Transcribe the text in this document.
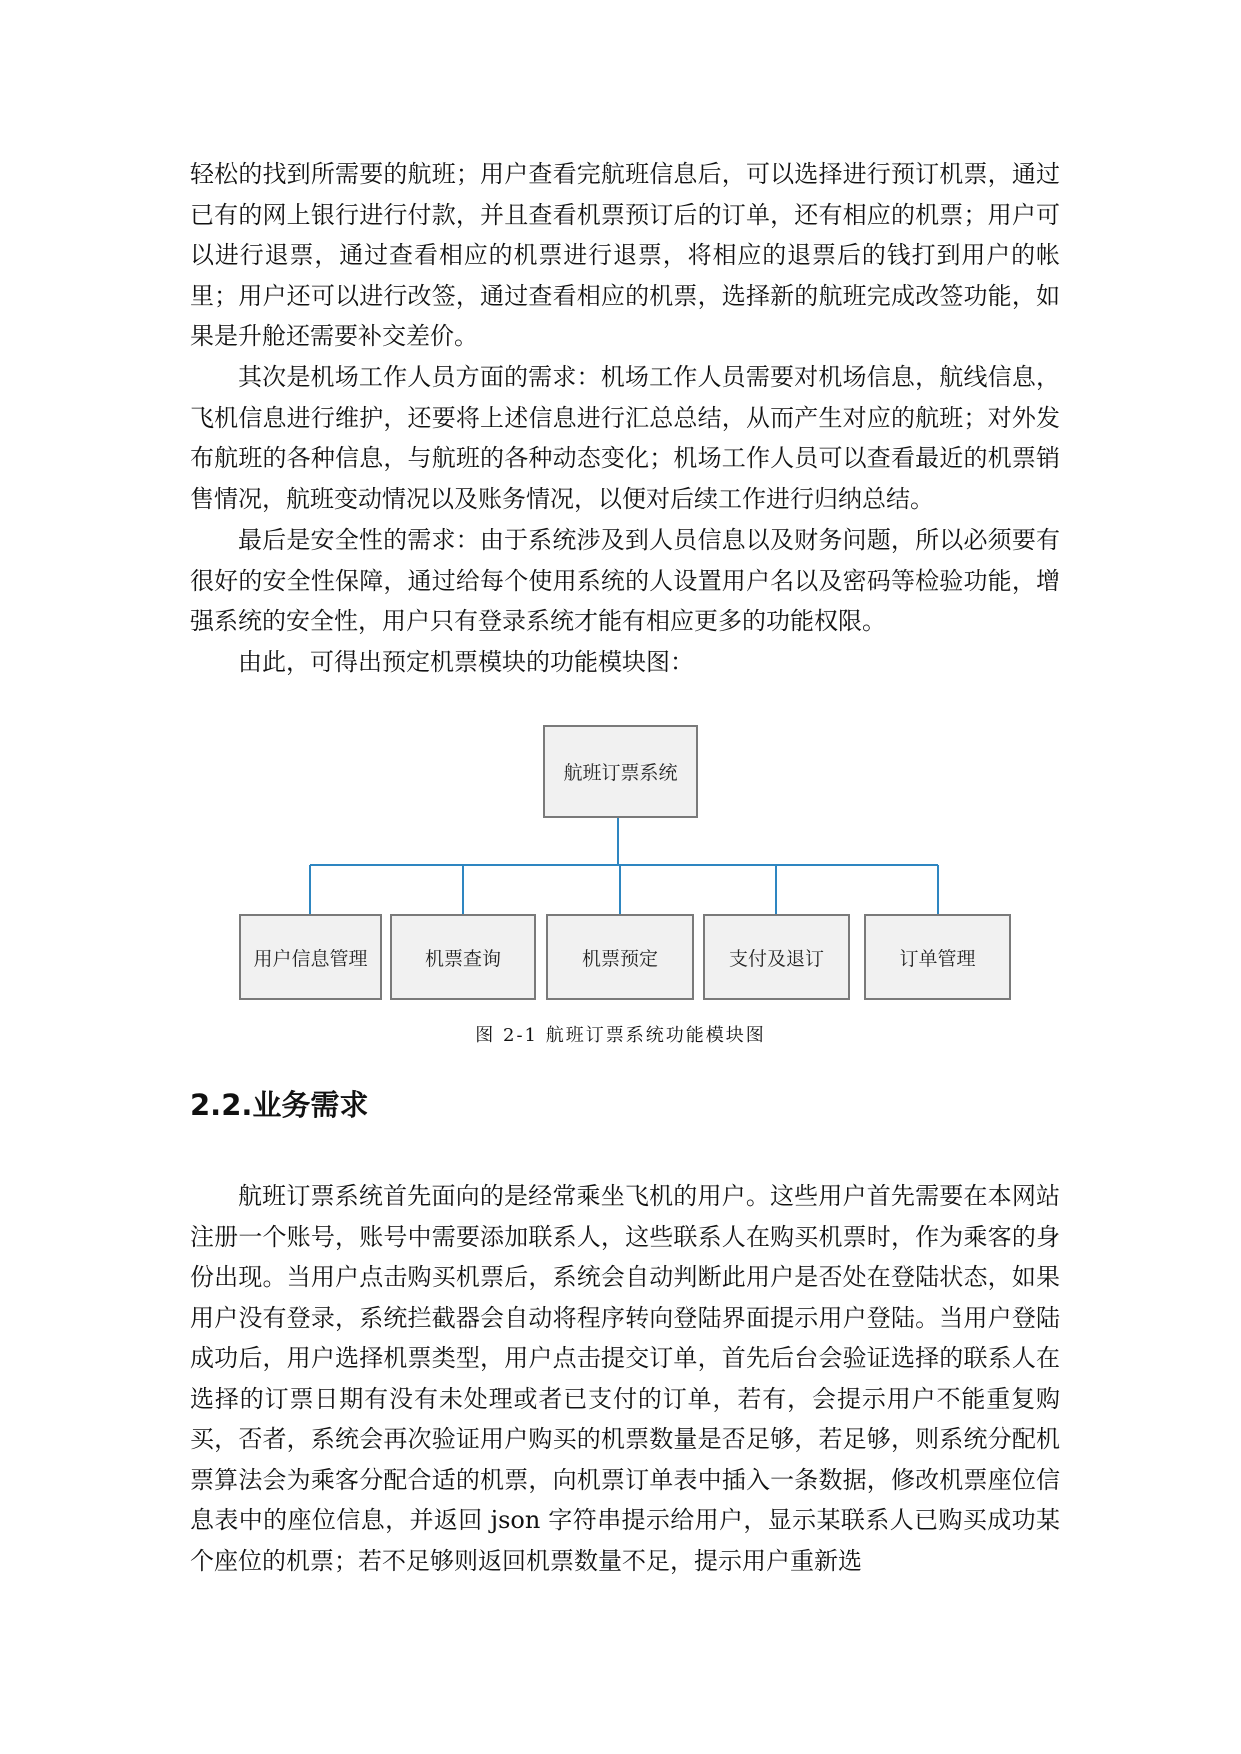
轻松的找到所需要的航班；用户查看完航班信息后，可以选择进行预订机票，通过已有的网上银行进行付款，并且查看机票预订后的订单，还有相应的机票；用户可以进行退票，通过查看相应的机票进行退票，将相应的退票后的钱打到用户的帐里；用户还可以进行改签，通过查看相应的机票，选择新的航班完成改签功能，如果是升舱还需要补交差价。

其次是机场工作人员方面的需求：机场工作人员需要对机场信息，航线信息，飞机信息进行维护，还要将上述信息进行汇总总结，从而产生对应的航班；对外发布航班的各种信息，与航班的各种动态变化；机场工作人员可以查看最近的机票销售情况，航班变动情况以及账务情况，以便对后续工作进行归纳总结。

最后是安全性的需求：由于系统涉及到人员信息以及财务问题，所以必须要有很好的安全性保障，通过给每个使用系统的人设置用户名以及密码等检验功能，增强系统的安全性，用户只有登录系统才能有相应更多的功能权限。

由此，可得出预定机票模块的功能模块图：

航班订票系统
用户信息管理	机票查询	机票预定	支付及退订	订单管理
图 2-1 航班订票系统功能模块图
2.2.业务需求

航班订票系统首先面向的是经常乘坐飞机的用户。这些用户首先需要在本网站注册一个账号，账号中需要添加联系人，这些联系人在购买机票时，作为乘客的身份出现。当用户点击购买机票后，系统会自动判断此用户是否处在登陆状态，如果用户没有登录，系统拦截器会自动将程序转向登陆界面提示用户登陆。当用户登陆成功后，用户选择机票类型，用户点击提交订单，首先后台会验证选择的联系人在选择的订票日期有没有未处理或者已支付的订单，若有，会提示用户不能重复购买，否者，系统会再次验证用户购买的机票数量是否足够，若足够，则系统分配机票算法会为乘客分配合适的机票，向机票订单表中插入一条数据，修改机票座位信息表中的座位信息，并返回 json 字符串提示给用户，显示某联系人已购买成功某个座位的机票；若不足够则返回机票数量不足，提示用户重新选
